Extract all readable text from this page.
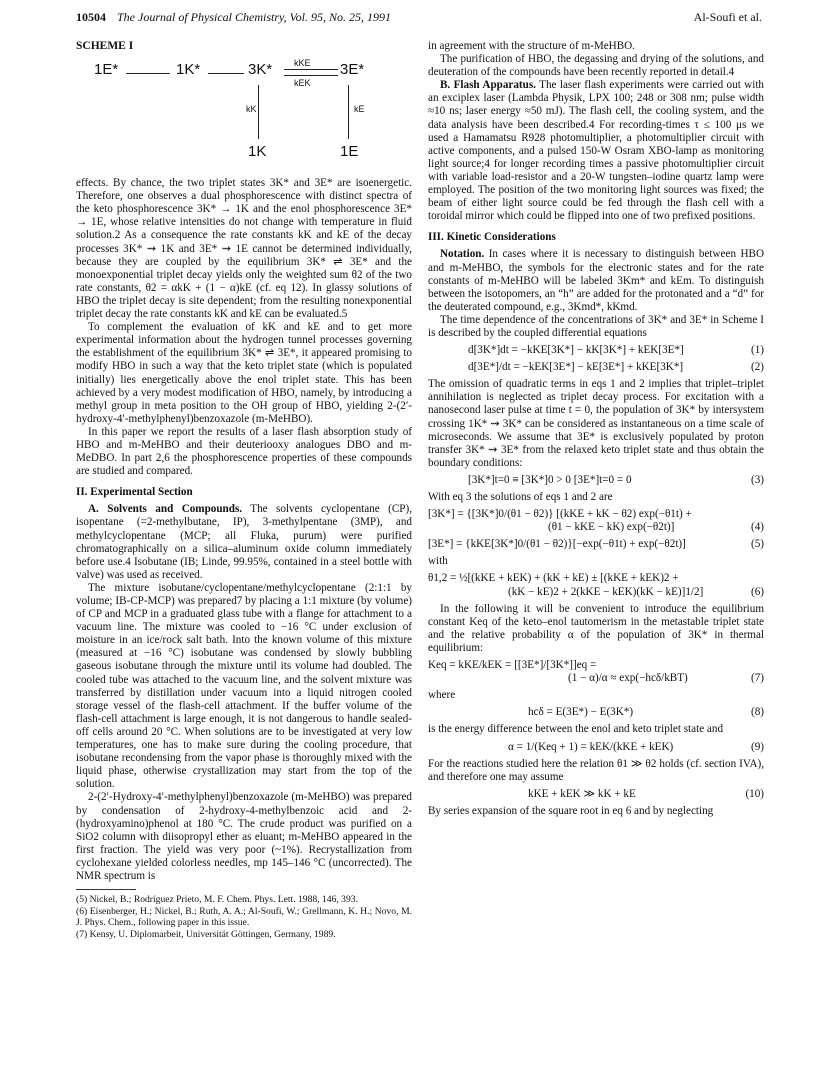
10504 The Journal of Physical Chemistry, Vol. 95, No. 25, 1991	Al-Soufi et al.
SCHEME I
1E*	1K*	3K* kKE
kEK
3E*
kK	kE
1K	1E

effects. By chance, the two triplet states 3K* and 3E* are isoenergetic. Therefore, one observes a dual phosphorescence with distinct spectra of the keto phosphorescence 3K* → 1K and the enol phosphorescence 3E* → 1E, whose relative intensities do not change with temperature in fluid solution.2 As a consequence the rate constants kK and kE of the decay processes 3K* ⇝ 1K and 3E* ⇝ 1E cannot be determined individually, because they are coupled by the equilibrium 3K* ⇌ 3E* and the monoexponential triplet decay yields only the weighted sum θ2 of the two rate constants, θ2 = αkK + (1 − α)kE (cf. eq 12). In glassy solutions of HBO the triplet decay is site dependent; from the resulting nonexponential triplet decay the rate constants kK and kE can be evaluated.5

To complement the evaluation of kK and kE and to get more experimental information about the hydrogen tunnel processes governing the establishment of the equilibrium 3K* ⇌ 3E*, it appeared promising to modify HBO in such a way that the keto triplet state (which is populated initially) lies energetically above the enol triplet state. This has been achieved by a very modest modification of HBO, namely, by introducing a methyl group in meta position to the OH group of HBO, yielding 2-(2′-hydroxy-4′-methylphenyl)benzoxazole (m-MeHBO).

In this paper we report the results of a laser flash absorption study of HBO and m-MeHBO and their deuteriooxy analogues DBO and m-MeDBO. In part 2,6 the phosphorescence properties of these compounds are studied and compared.

II. Experimental Section

A. Solvents and Compounds. The solvents cyclopentane (CP), isopentane (=2-methylbutane, IP), 3-methylpentane (3MP), and methylcyclopentane (MCP; all Fluka, purum) were purified chromatographically on a silica–aluminum oxide column immediately before use.4 Isobutane (IB; Linde, 99.95%, contained in a steel bottle with valve) was used as received.

The mixture isobutane/cyclopentane/methylcyclopentane (2:1:1 by volume; IB-CP-MCP) was prepared7 by placing a 1:1 mixture (by volume) of CP and MCP in a graduated glass tube with a flange for attachment to a vacuum line. The mixture was cooled to −16 °C under exclusion of moisture in an ice/rock salt bath. Into the known volume of this mixture (measured at −16 °C) isobutane was condensed by slowly bubbling gaseous isobutane through the mixture until its volume had doubled. The cooled tube was attached to the vacuum line, and the solvent mixture was transferred by distillation under vacuum into a liquid nitrogen cooled storage vessel of the flash-cell attachment. If the buffer volume of the flash-cell attachment is large enough, it is not dangerous to handle sealed-off cells around 20 °C. When solutions are to be investigated at very low temperatures, one has to make sure during the cooling procedure, that isobutane recondensing from the vapor phase is thoroughly mixed with the liquid phase, otherwise crystallization may start from the top of the solution.

2-(2′-Hydroxy-4′-methylphenyl)benzoxazole (m-MeHBO) was prepared by condensation of 2-hydroxy-4-methylbenzoic acid and 2-(hydroxyamino)phenol at 180 °C. The crude product was purified on a SiO2 column with diisopropyl ether as eluant; m-MeHBO appeared in the first fraction. The yield was very poor (~1%). Recrystallization from cyclohexane yielded colorless needles, mp 145–146 °C (uncorrected). The NMR spectrum is

(5) Nickel, B.; Rodríguez Prieto, M. F. Chem. Phys. Lett. 1988, 146, 393.
(6) Eisenberger, H.; Nickel, B.; Ruth, A. A.; Al-Soufi, W.; Grellmann, K. H.; Novo, M. J. Phys. Chem., following paper in this issue.
(7) Kensy, U. Diplomarbeit, Universität Göttingen, Germany, 1989.

in agreement with the structure of m-MeHBO.

The purification of HBO, the degassing and drying of the solutions, and deuteration of the compounds have been recently reported in detail.4

B. Flash Apparatus. The laser flash experiments were carried out with an exciplex laser (Lambda Physik, LPX 100; 248 or 308 nm; pulse width ≈10 ns; laser energy ≈50 mJ). The flash cell, the cooling system, and the data analysis have been described.4 For recording-times τ ≤ 100 μs we used a Hamamatsu R928 photomultiplier, a photomultiplier circuit with active components, and a pulsed 150-W Osram XBO-lamp as monitoring light source;4 for longer recording times a passive photomultiplier circuit with variable load-resistor and a 20-W tungsten–iodine quartz lamp were employed. The position of the two monitoring light sources was fixed; the beam of either light source could be fed through the flash cell with a toroidal mirror which could be flipped into one of two prefixed positions.

III. Kinetic Considerations

Notation. In cases where it is necessary to distinguish between HBO and m-MeHBO, the symbols for the electronic states and for the rate constants of m-MeHBO will be labeled 3Km* and kEm. To distinguish between the isotopomers, an “h” are added for the protonated and a “d” for the deuterated compound, e.g., 3Kmd*, kKmd.

The time dependence of the concentrations of 3K* and 3E* in Scheme I is described by the coupled differential equations

d[3K*]dt = −kKE[3K*] − kK[3K*] + kEK[3E*]	(1)
d[3E*]/dt = −kEK[3E*] − kE[3E*] + kKE[3K*]	(2)

The omission of quadratic terms in eqs 1 and 2 implies that triplet–triplet annihilation is neglected as triplet decay process. For excitation with a nanosecond laser pulse at time t = 0, the population of 3K* by intersystem crossing 1K* ⇝ 3K* can be considered as instantaneous on a time scale of microseconds. We assume that 3E* is exclusively populated by proton transfer 3K* ⇝ 3E* from the relaxed keto triplet state and thus obtain the boundary conditions:

[3K*]t=0 ≡ [3K*]0 > 0 [3E*]t=0 = 0	(3)

With eq 3 the solutions of eqs 1 and 2 are

[3K*] = {[3K*]0/(θ1 − θ2)} [(kKE + kK − θ2) exp(−θ1t) +
(θ1 − kKE − kK) exp(−θ2t)]	(4)
[3E*] = {kKE[3K*]0/(θ1 − θ2)}[−exp(−θ1t) + exp(−θ2t)]	(5)

with

θ1,2 = ½[(kKE + kEK) + (kK + kE) ± [(kKE + kEK)2 +
(kK − kE)2 + 2(kKE − kEK)(kK − kE)]1/2]	(6)

In the following it will be convenient to introduce the equilibrium constant Keq of the keto–enol tautomerism in the metastable triplet state and the relative probability α of the population of 3K* in thermal equilibrium:

Keq = kKE/kEK = [[3E*]/[3K*]]eq =
(1 − α)/α ≈ exp(−hcδ/kBT)	(7)

where

hcδ = E(3E*) − E(3K*)	(8)

is the energy difference between the enol and keto triplet state and

α = 1/(Keq + 1) = kEK/(kKE + kEK)	(9)

For the reactions studied here the relation θ1 ≫ θ2 holds (cf. section IVA), and therefore one may assume

kKE + kEK ≫ kK + kE	(10)

By series expansion of the square root in eq 6 and by neglecting
